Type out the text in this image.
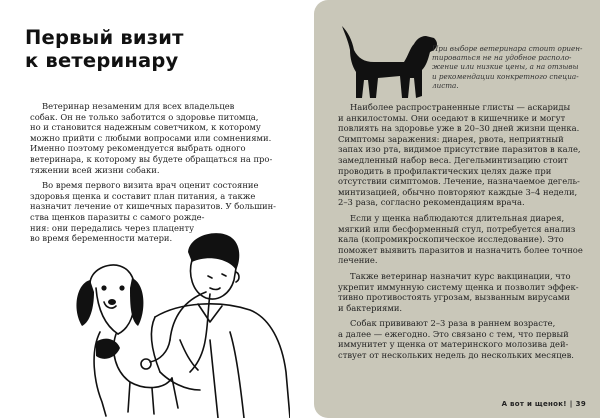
Первый визит
к ветеринару
Ветеринар незаменим для всех владельцев
собак. Он не только заботится о здоровье питомца,
но и становится надежным советчиком, к которому
можно прийти с любыми вопросами или сомнениями.
Именно поэтому рекомендуется выбрать одного
ветеринара, к которому вы будете обращаться на про-
тяжении всей жизни собаки.
Во время первого визита врач оценит состояние
здоровья щенка и составит план питания, а также
назначит лечение от кишечных паразитов. У большин-
ства щенков паразиты с самого рожде-
ния: они передались через плаценту
во время беременности матери.
При выборе ветеринара стоит ориен-
тироваться не на удобное располо-
жение или низкие цены, а на отзывы
и рекомендации конкретного специа-
листа.
Наиболее распространенные глисты — аскариды
и анкилостомы. Они оседают в кишечнике и могут
повлиять на здоровье уже в 20–30 дней жизни щенка.
Симптомы заражения: диарея, рвота, неприятный
запах изо рта, видимое присутствие паразитов в кале,
замедленный набор веса. Дегельминтизацию стоит
проводить в профилактических целях даже при
отсутствии симптомов. Лечение, назначаемое дегель-
минтизацией, обычно повторяют каждые 3–4 недели,
2–3 раза, согласно рекомендациям врача.
Если у щенка наблюдаются длительная диарея,
мягкий или бесформенный стул, потребуется анализ
кала (копромикроскопическое исследование). Это
поможет выявить паразитов и назначить более точное
лечение.
Также ветеринар назначит курс вакцинации, что
укрепит иммунную систему щенка и позволит эффек-
тивно противостоять угрозам, вызванным вирусами
и бактериями.
Собак прививают 2–3 раза в раннем возрасте,
а далее — ежегодно. Это связано с тем, что первый
иммунитет у щенка от материнского молозива дей-
ствует от нескольких недель до нескольких месяцев.
А вот и щенок! | 39
